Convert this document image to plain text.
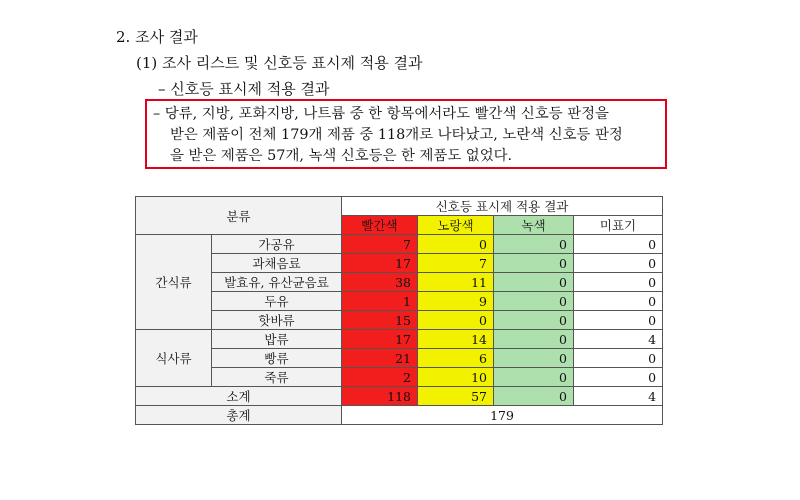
2. 조사 결과
(1) 조사 리스트 및 신호등 표시제 적용 결과
– 신호등 표시제 적용 결과
– 당류, 지방, 포화지방, 나트륨 중 한 항목에서라도 빨간색 신호등 판정을
받은 제품이 전체 179개 제품 중 118개로 나타났고, 노란색 신호등 판정
을 받은 제품은 57개, 녹색 신호등은 한 제품도 없었다.
분류		신호등 표시제 적용 결과			
		빨간색	노랑색	녹색	미표기
간식류	가공유	7	0	0	0
	과채음료	17	7	0	0
	발효유, 유산균음료	38	11	0	0
	두유	1	9	0	0
	핫바류	15	0	0	0
식사류	밥류	17	14	0	4
	빵류	21	6	0	0
	죽류	2	10	0	0
소계		118	57	0	4
총계		179			
